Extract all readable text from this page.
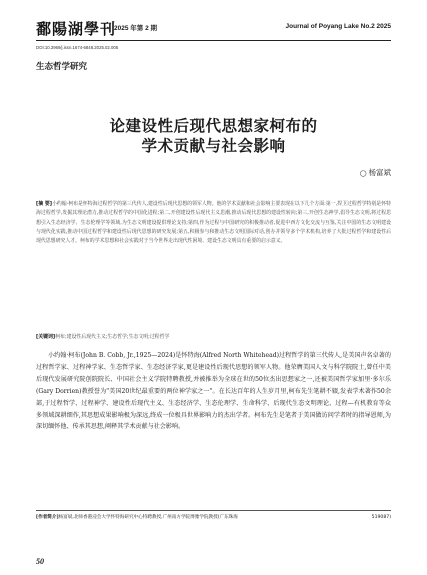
鄱陽湖學刊
2025 年第 2 期	Journal of Poyang Lake No.2 2025
DOI:10.3969/j.issn.1674-6848.2025.02.005
生态哲学研究
论建设性后现代思想家柯布的
学术贡献与社会影响
◯ 杨富斌
[摘 要]小约翰·柯布是怀特海过程哲学的第三代传人,建设性后现代思想的领军人物。他的学术贡献和社会影响主要表现在以下几个方面:第一,捍卫过程哲学特别是怀特海过程哲学,发掘其理论潜力,推动过程哲学的中国化进程;第二,开创建设性后现代主义思潮,推动后现代思想的建设性转向;第三,开创生态神学,倡导生态文明,将过程思想引入生态经济学、生态伦理学等领域,为生态文明建设提供理论支持;第四,作为过程与中国研究的积极推动者,促进中西方文化交流与互鉴,关注中国的生态文明建设与现代化实践,推动中国过程哲学和建设性后现代思想的研究发展;第五,积极参与和推动生态文明国际对话,创办并领导多个学术机构,培养了大批过程哲学和建设性后现代思想研究人才。柯布的学术思想和社会实践对于当今世界走出现代性困境、建设生态文明具有重要的启示意义。
[关键词]柯布;建设性后现代主义;生态哲学;生态文明;过程哲学
小约翰·柯布(John B. Cobb, Jr.,1925—2024)是怀特海(Alfred North Whitehead)过程哲学的第三代传人,是美国声名卓著的过程哲学家、过程神学家、生态哲学家、生态经济学家,更是建设性后现代思想的领军人物。他荣膺美国人文与科学院院士,曾任中美后现代发展研究院创院院长、中国社会主义学院特聘教授,并被推举为全球在世的50位杰出思想家之一,还被美国哲学家加里·多尔乐(Gary Dorrien)教授誉为"美国20世纪最重要的两位神学家之一"。在长达百年的人生岁月里,柯布先生笔耕不辍,发表学术著作50余部,于过程哲学、过程神学、建设性后现代主义、生态经济学、生态伦理学、生命科学、后现代生态文明理论、过程—有机教育等众多领域深耕细作,其思想成果影响极为深远,终成一位极具世界影响力的杰出学者。柯布先生是笔者于美国做访问学者时的指导恩师,为深切缅怀他、传承其思想,阐释其学术贡献与社会影响。
[作者简介]杨富斌,北师香港浸会大学怀特海研究中心特聘教授,广州南方学院博雅学院教授(广东珠海	519087)
50
